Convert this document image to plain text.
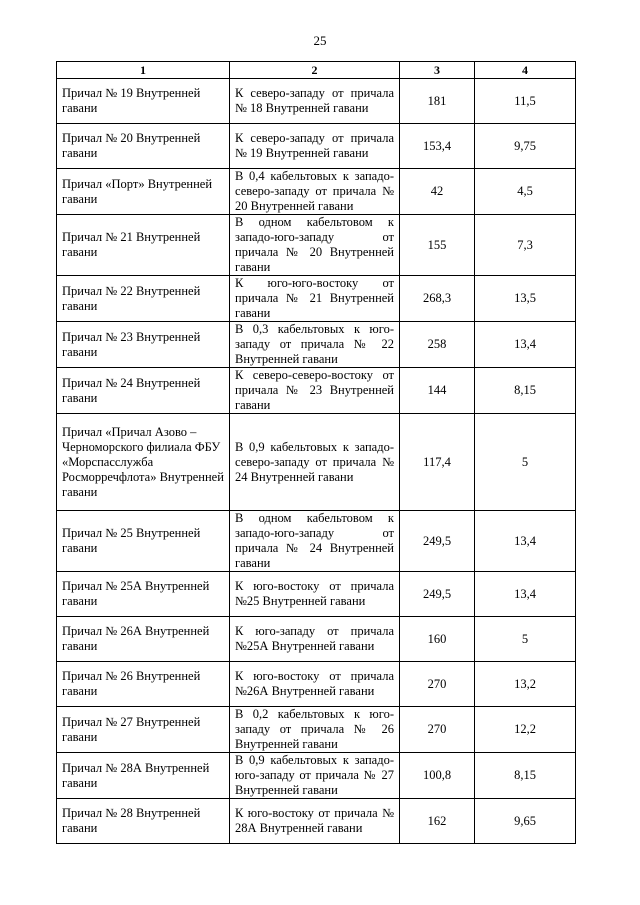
25
1	2	3	4
Причал № 19 Внутренней гавани	К северо-западу от причала № 18 Внутренней гавани	181	11,5
Причал № 20 Внутренней гавани	К северо-западу от причала № 19 Внутренней гавани	153,4	9,75
Причал «Порт» Внутренней гавани	В 0,4 кабельтовых к западо-северо-западу от причала № 20 Внутренней гавани	42	4,5
Причал № 21 Внутренней гавани	В одном кабельтовом к западо-юго-западу от причала № 20 Внутренней гавани	155	7,3
Причал № 22 Внутренней гавани	К юго-юго-востоку от причала № 21 Внутренней гавани	268,3	13,5
Причал № 23 Внутренней гавани	В 0,3 кабельтовых к юго-западу от причала № 22 Внутренней гавани	258	13,4
Причал № 24 Внутренней гавани	К северо-северо-востоку от причала № 23 Внутренней гавани	144	8,15
Причал «Причал Азово – Черноморского филиала ФБУ «Морспасслужба Росморречфлота» Внутренней гавани	В 0,9 кабельтовых к западо-северо-западу от причала № 24 Внутренней гавани	117,4	5
Причал № 25 Внутренней гавани	В одном кабельтовом к западо-юго-западу от причала № 24 Внутренней гавани	249,5	13,4
Причал № 25А Внутренней гавани	К юго-востоку от причала №25 Внутренней гавани	249,5	13,4
Причал № 26А Внутренней гавани	К юго-западу от причала №25А Внутренней гавани	160	5
Причал № 26 Внутренней гавани	К юго-востоку от причала №26А Внутренней гавани	270	13,2
Причал № 27 Внутренней гавани	В 0,2 кабельтовых к юго-западу от причала № 26 Внутренней гавани	270	12,2
Причал № 28А Внутренней гавани	В 0,9 кабельтовых к западо-юго-западу от причала № 27 Внутренней гавани	100,8	8,15
Причал № 28 Внутренней гавани	К юго-востоку от причала № 28А Внутренней гавани	162	9,65
